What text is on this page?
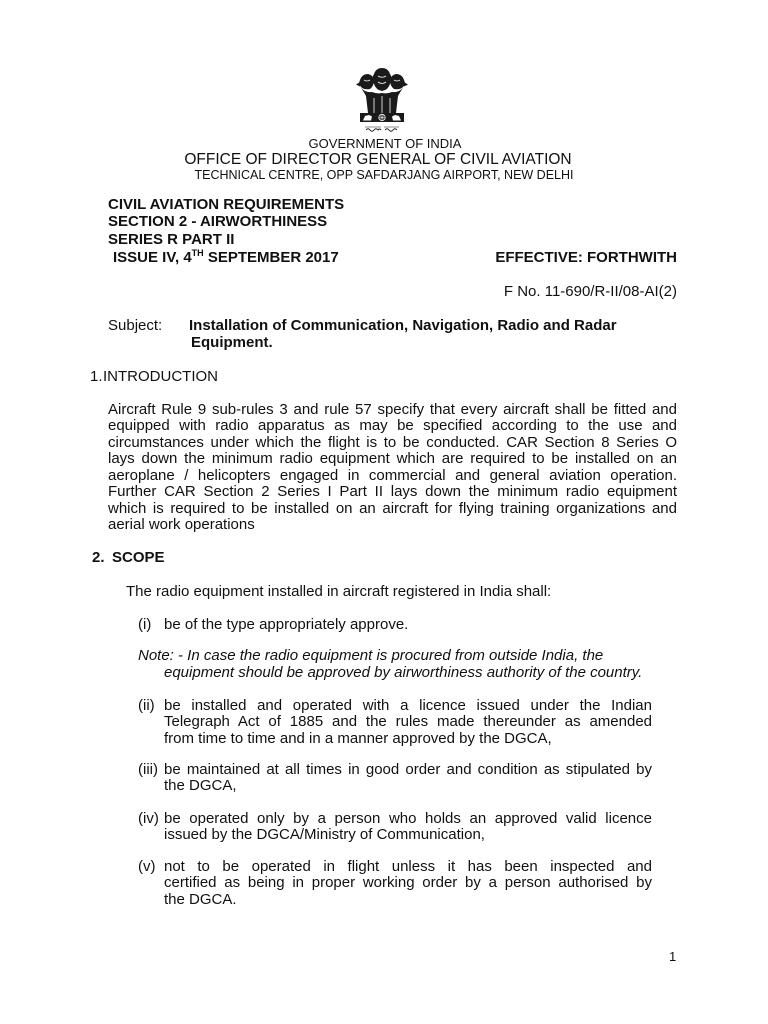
GOVERNMENT OF INDIA
OFFICE OF DIRECTOR GENERAL OF CIVIL AVIATION
TECHNICAL CENTRE, OPP SAFDARJANG AIRPORT, NEW DELHI
CIVIL AVIATION REQUIREMENTS
SECTION 2 - AIRWORTHINESS
SERIES R PART II
ISSUE IV, 4TH SEPTEMBER 2017	EFFECTIVE: FORTHWITH
F No. 11-690/R-II/08-AI(2)
Subject: Installation of Communication, Navigation, Radio and Radar
Equipment.
1. INTRODUCTION
Aircraft Rule 9 sub-rules 3 and rule 57 specify that every aircraft shall be fitted and
equipped with radio apparatus as may be specified according to the use and
circumstances under which the flight is to be conducted. CAR Section 8 Series O
lays down the minimum radio equipment which are required to be installed on an
aeroplane / helicopters engaged in commercial and general aviation operation.
Further CAR Section 2 Series I Part II lays down the minimum radio equipment
which is required to be installed on an aircraft for flying training organizations and
aerial work operations
2. SCOPE
The radio equipment installed in aircraft registered in India shall:
(i) be of the type appropriately approve.
Note: - In case the radio equipment is procured from outside India, the
equipment should be approved by airworthiness authority of the country.
(ii) be installed and operated with a licence issued under the Indian
Telegraph Act of 1885 and the rules made thereunder as amended
from time to time and in a manner approved by the DGCA,
(iii) be maintained at all times in good order and condition as stipulated by
the DGCA,
(iv) be operated only by a person who holds an approved valid licence
issued by the DGCA/Ministry of Communication,
(v) not to be operated in flight unless it has been inspected and
certified as being in proper working order by a person authorised by
the DGCA.
1
